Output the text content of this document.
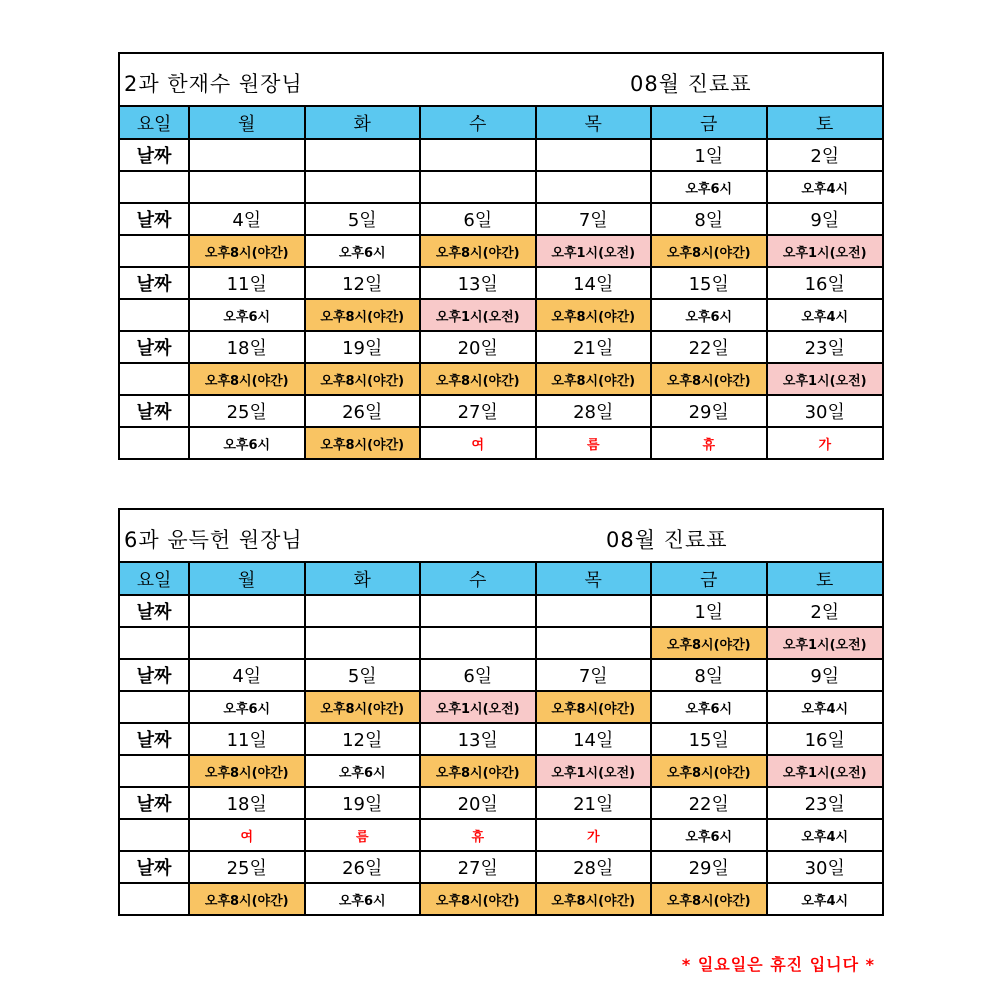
2과 한재수 원장님	08월 진료표
요일	월	화	수	목	금	토
날짜					1일	2일
					오후6시	오후4시
날짜	4일	5일	6일	7일	8일	9일
	오후8시(야간)	오후6시	오후8시(야간)	오후1시(오전)	오후8시(야간)	오후1시(오전)
날짜	11일	12일	13일	14일	15일	16일
	오후6시	오후8시(야간)	오후1시(오전)	오후8시(야간)	오후6시	오후4시
날짜	18일	19일	20일	21일	22일	23일
	오후8시(야간)	오후8시(야간)	오후8시(야간)	오후8시(야간)	오후8시(야간)	오후1시(오전)
날짜	25일	26일	27일	28일	29일	30일
	오후6시	오후8시(야간)	여	름	휴	가
6과 윤득헌 원장님	08월 진료표
요일	월	화	수	목	금	토
날짜					1일	2일
					오후8시(야간)	오후1시(오전)
날짜	4일	5일	6일	7일	8일	9일
	오후6시	오후8시(야간)	오후1시(오전)	오후8시(야간)	오후6시	오후4시
날짜	11일	12일	13일	14일	15일	16일
	오후8시(야간)	오후6시	오후8시(야간)	오후1시(오전)	오후8시(야간)	오후1시(오전)
날짜	18일	19일	20일	21일	22일	23일
	여	름	휴	가	오후6시	오후4시
날짜	25일	26일	27일	28일	29일	30일
	오후8시(야간)	오후6시	오후8시(야간)	오후8시(야간)	오후8시(야간)	오후4시
* 일요일은 휴진 입니다 *
